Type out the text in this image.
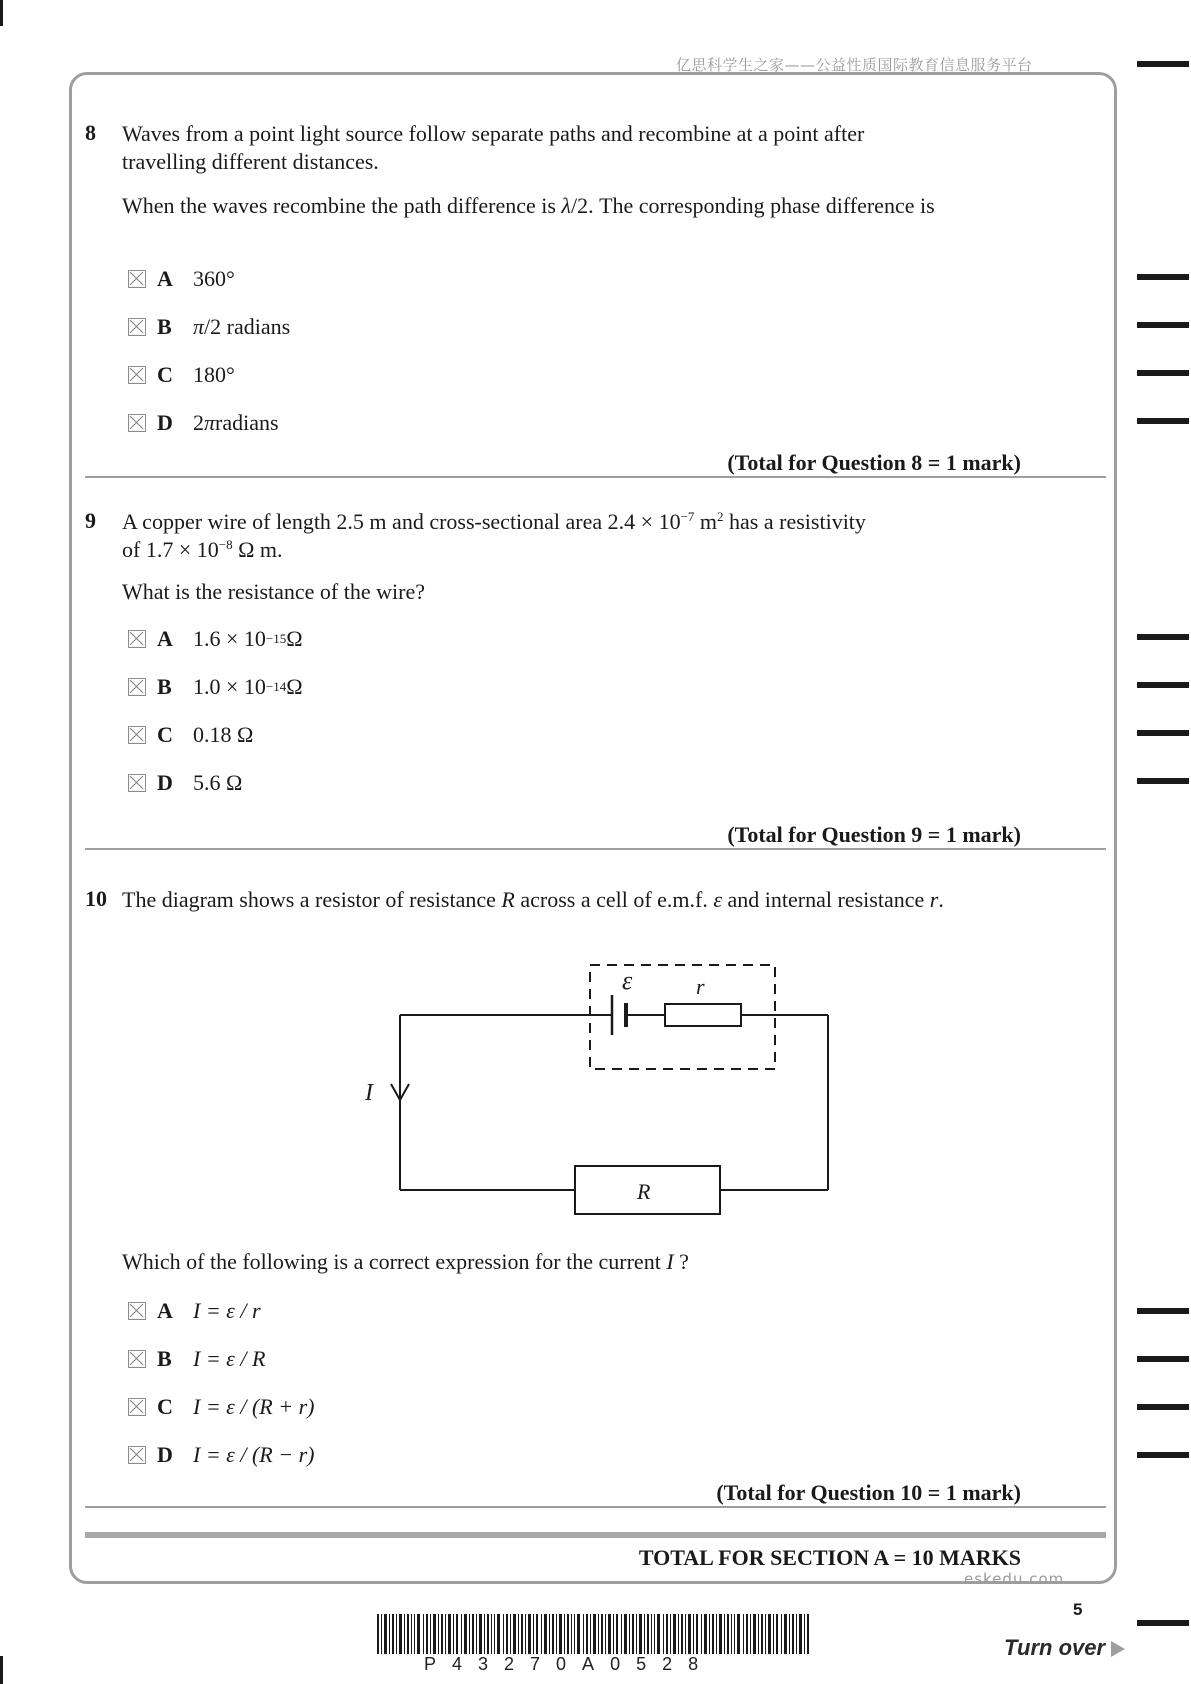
亿思科学生之家——公益性质国际教育信息服务平台
8 Waves from a point light source follow separate paths and recombine at a point after travelling different distances.
When the waves recombine the path difference is λ/2. The corresponding phase difference is
A 360°
B π /2 radians
C 180°
D 2 π radians
(Total for Question 8 = 1 mark)
9 A copper wire of length 2.5 m and cross-sectional area $2.4 \times 10^{-7}$ $m^2$ has a resistivity
of $1.7 \times 10^{-8}$ Ω m.
What is the resistance of the wire?
A 1.6 × 10 −15 Ω
B 1.0 × 10 −14 Ω
C 0.18 Ω
D 5.6 Ω
(Total for Question 9 = 1 mark)
10 The diagram shows a resistor of resistance R across a cell of e.m.f. ε and internal resistance r.
ε	r
I
R
Which of the following is a correct expression for the current I ?
A I = ε / r
B I = ε / R
C I = ε / (R + r)
D I = ε / (R − r)
(Total for Question 10 = 1 mark)
TOTAL FOR SECTION A = 10 MARKS
eskedu.com
5
P43270A0528
Turn over
